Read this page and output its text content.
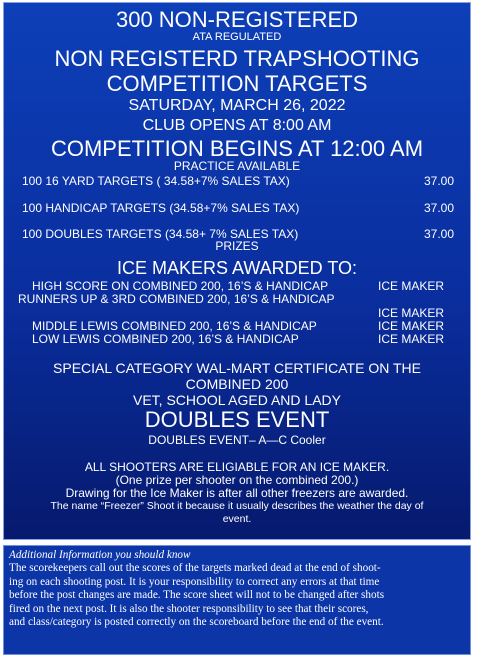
300 NON-REGISTERED
ATA REGULATED
NON REGISTERD TRAPSHOOTING
COMPETITION TARGETS
SATURDAY, MARCH 26, 2022
CLUB OPENS AT 8:00 AM
COMPETITION BEGINS AT 12:00 AM
PRACTICE AVAILABLE
100 16 YARD TARGETS ( 34.58+7% SALES TAX)	37.00
100 HANDICAP TARGETS (34.58+7% SALES TAX)	37.00
100 DOUBLES TARGETS (34.58+ 7% SALES TAX)	37.00
PRIZES
ICE MAKERS AWARDED TO:
HIGH SCORE ON COMBINED 200, 16’S & HANDICAP	ICE MAKER
RUNNERS UP & 3RD COMBINED 200, 16’S & HANDICAP
ICE MAKER
MIDDLE LEWIS COMBINED 200, 16’S & HANDICAP	ICE MAKER
LOW LEWIS COMBINED 200, 16’S & HANDICAP	ICE MAKER
SPECIAL CATEGORY WAL-MART CERTIFICATE ON THE
COMBINED 200
VET, SCHOOL AGED AND LADY
DOUBLES EVENT
DOUBLES EVENT– A—C Cooler
ALL SHOOTERS ARE ELIGIABLE FOR AN ICE MAKER.
(One prize per shooter on the combined 200.)
Drawing for the Ice Maker is after all other freezers are awarded.
The name “Freezer” Shoot it because it usually describes the weather the day of
event.
Additional Information you should know
The scorekeepers call out the scores of the targets marked dead at the end of shoot-
ing on each shooting post. It is your responsibility to correct any errors at that time
before the post changes are made. The score sheet will not to be changed after shots
fired on the next post. It is also the shooter responsibility to see that their scores,
and class/category is posted correctly on the scoreboard before the end of the event.
